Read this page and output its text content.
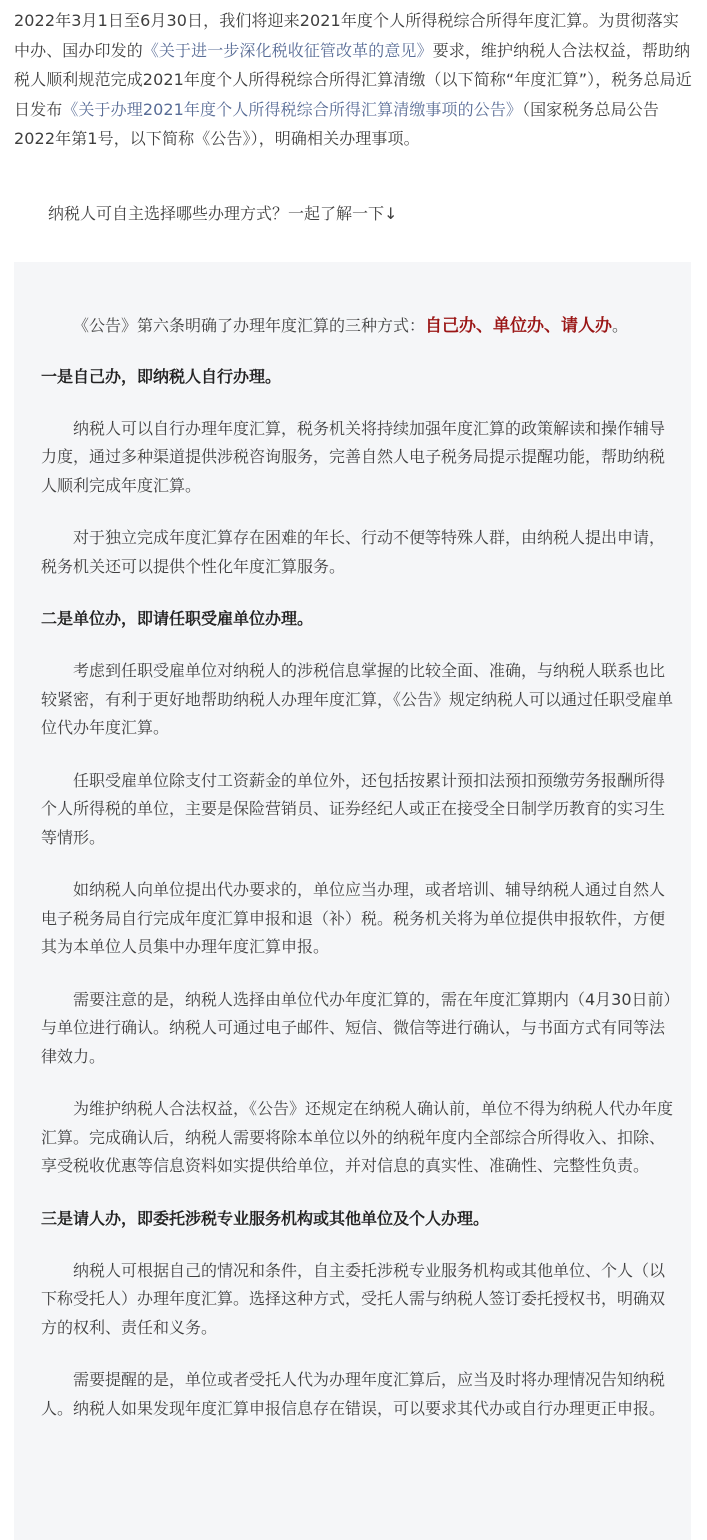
2022年3月1日至6月30日，我们将迎来2021年度个人所得税综合所得年度汇算。为贯彻落实中办、国办印发的《关于进一步深化税收征管改革的意见》要求，维护纳税人合法权益，帮助纳税人顺利规范完成2021年度个人所得税综合所得汇算清缴（以下简称“年度汇算”），税务总局近日发布《关于办理2021年度个人所得税综合所得汇算清缴事项的公告》（国家税务总局公告2022年第1号，以下简称《公告》），明确相关办理事项。

纳税人可自主选择哪些办理方式？一起了解一下↓

《公告》第六条明确了办理年度汇算的三种方式：自己办、单位办、请人办。

一是自己办，即纳税人自行办理。

纳税人可以自行办理年度汇算，税务机关将持续加强年度汇算的政策解读和操作辅导力度，通过多种渠道提供涉税咨询服务，完善自然人电子税务局提示提醒功能，帮助纳税人顺利完成年度汇算。

对于独立完成年度汇算存在困难的年长、行动不便等特殊人群，由纳税人提出申请，税务机关还可以提供个性化年度汇算服务。

二是单位办，即请任职受雇单位办理。

考虑到任职受雇单位对纳税人的涉税信息掌握的比较全面、准确，与纳税人联系也比较紧密，有利于更好地帮助纳税人办理年度汇算，《公告》规定纳税人可以通过任职受雇单位代办年度汇算。

任职受雇单位除支付工资薪金的单位外，还包括按累计预扣法预扣预缴劳务报酬所得个人所得税的单位，主要是保险营销员、证券经纪人或正在接受全日制学历教育的实习生等情形。

如纳税人向单位提出代办要求的，单位应当办理，或者培训、辅导纳税人通过自然人电子税务局自行完成年度汇算申报和退（补）税。税务机关将为单位提供申报软件，方便其为本单位人员集中办理年度汇算申报。

需要注意的是，纳税人选择由单位代办年度汇算的，需在年度汇算期内（4月30日前）与单位进行确认。纳税人可通过电子邮件、短信、微信等进行确认，与书面方式有同等法律效力。

为维护纳税人合法权益，《公告》还规定在纳税人确认前，单位不得为纳税人代办年度汇算。完成确认后，纳税人需要将除本单位以外的纳税年度内全部综合所得收入、扣除、享受税收优惠等信息资料如实提供给单位，并对信息的真实性、准确性、完整性负责。

三是请人办，即委托涉税专业服务机构或其他单位及个人办理。

纳税人可根据自己的情况和条件，自主委托涉税专业服务机构或其他单位、个人（以下称受托人）办理年度汇算。选择这种方式，受托人需与纳税人签订委托授权书，明确双方的权利、责任和义务。

需要提醒的是，单位或者受托人代为办理年度汇算后，应当及时将办理情况告知纳税人。纳税人如果发现年度汇算申报信息存在错误，可以要求其代办或自行办理更正申报。
